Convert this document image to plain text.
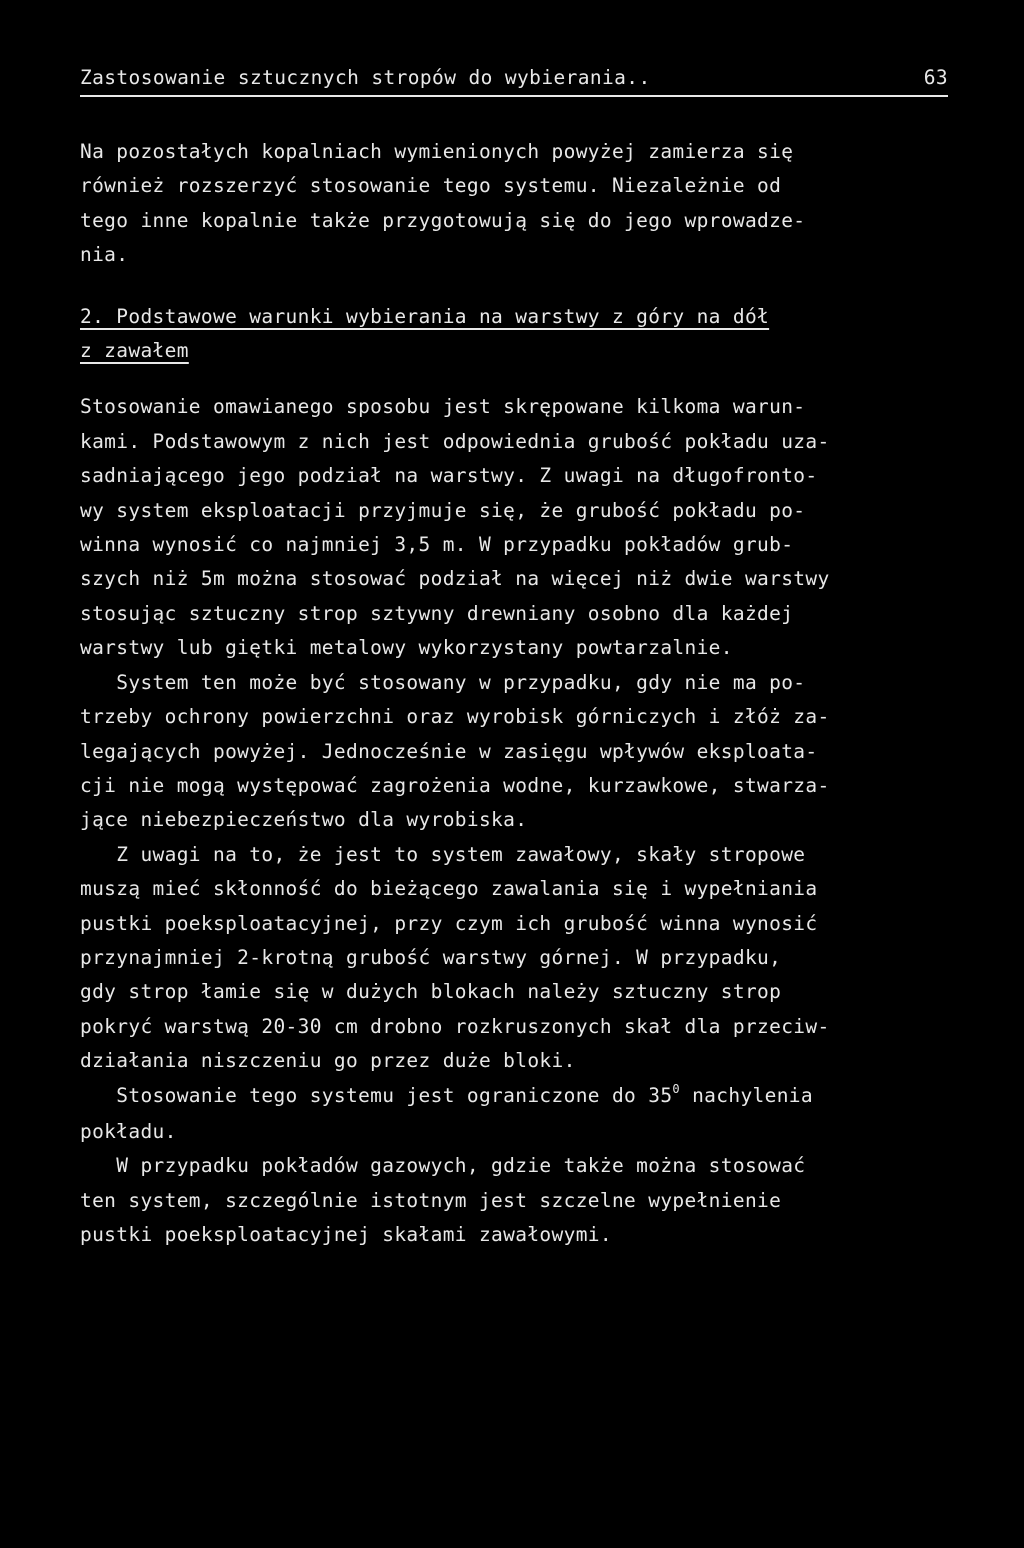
Zastosowanie sztucznych stropów do wybierania..	63
Na pozostałych kopalniach wymienionych powyżej zamierza się
również rozszerzyć stosowanie tego systemu. Niezależnie od
tego inne kopalnie także przygotowują się do jego wprowadze-
nia.
2. Podstawowe warunki wybierania na warstwy z góry na dół
z zawałem
Stosowanie omawianego sposobu jest skrępowane kilkoma warun-
kami. Podstawowym z nich jest odpowiednia grubość pokładu uza-
sadniającego jego podział na warstwy. Z uwagi na długofronto-
wy system eksploatacji przyjmuje się, że grubość pokładu po-
winna wynosić co najmniej 3,5 m. W przypadku pokładów grub-
szych niż 5m można stosować podział na więcej niż dwie warstwy
stosując sztuczny strop sztywny drewniany osobno dla każdej
warstwy lub giętki metalowy wykorzystany powtarzalnie.
System ten może być stosowany w przypadku, gdy nie ma po-
trzeby ochrony powierzchni oraz wyrobisk górniczych i złóż za-
legających powyżej. Jednocześnie w zasięgu wpływów eksploata-
cji nie mogą występować zagrożenia wodne, kurzawkowe, stwarza-
jące niebezpieczeństwo dla wyrobiska.
Z uwagi na to, że jest to system zawałowy, skały stropowe
muszą mieć skłonność do bieżącego zawalania się i wypełniania
pustki poeksploatacyjnej, przy czym ich grubość winna wynosić
przynajmniej 2-krotną grubość warstwy górnej. W przypadku,
gdy strop łamie się w dużych blokach należy sztuczny strop
pokryć warstwą 20-30 cm drobno rozkruszonych skał dla przeciw-
działania niszczeniu go przez duże bloki.
Stosowanie tego systemu jest ograniczone do $35^0$ nachylenia
pokładu.
W przypadku pokładów gazowych, gdzie także można stosować
ten system, szczególnie istotnym jest szczelne wypełnienie
pustki poeksploatacyjnej skałami zawałowymi.
